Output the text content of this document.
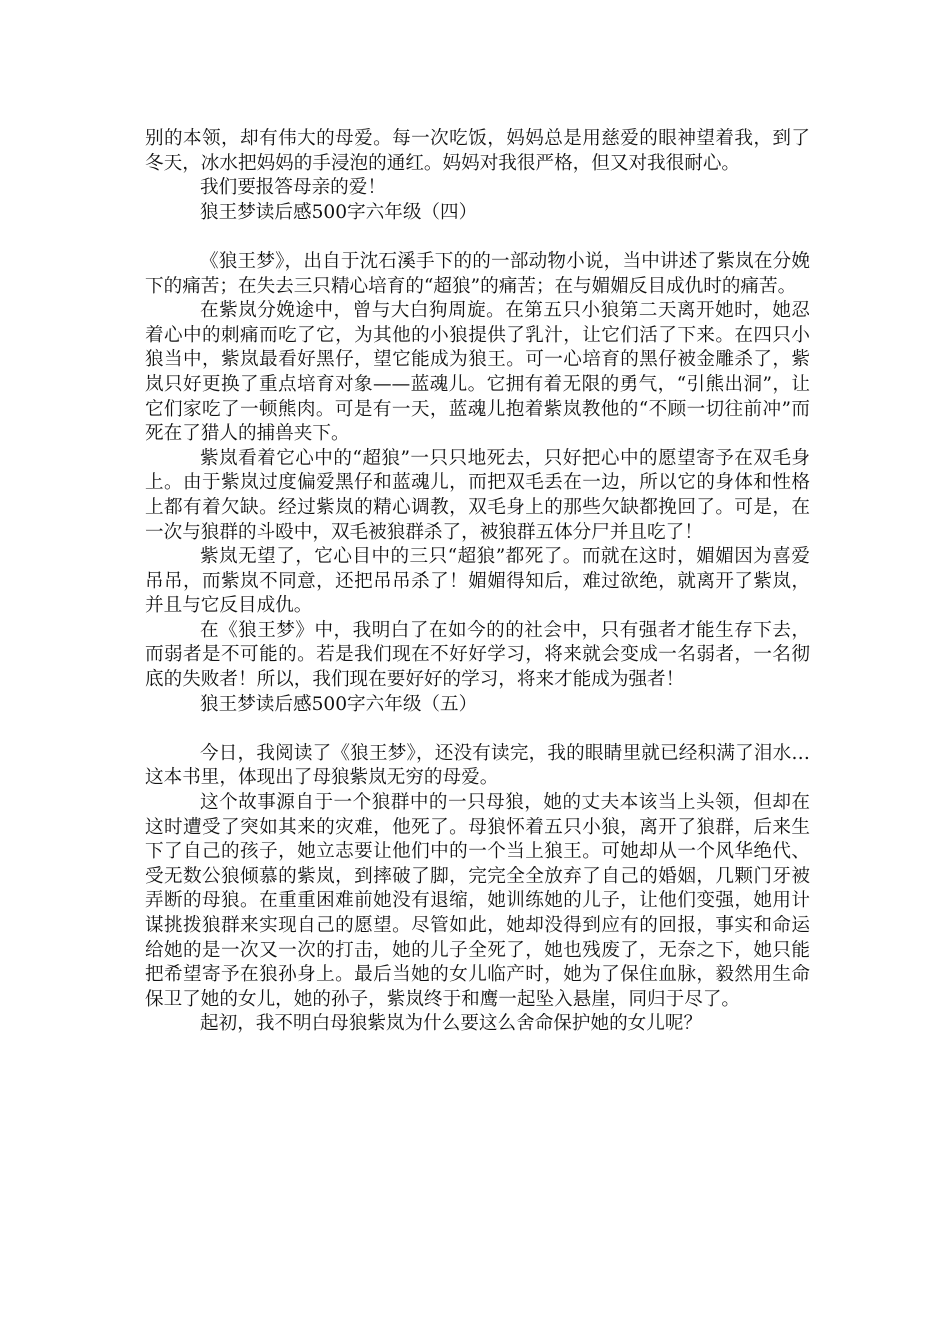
别的本领，却有伟大的母爱。每一次吃饭，妈妈总是用慈爱的眼神望着我，到了冬天，冰水把妈妈的手浸泡的通红。妈妈对我很严格，但又对我很耐心。

我们要报答母亲的爱！

狼王梦读后感500字六年级（四）

《狼王梦》，出自于沈石溪手下的的一部动物小说，当中讲述了紫岚在分娩下的痛苦；在失去三只精心培育的“超狼”的痛苦；在与媚媚反目成仇时的痛苦。

在紫岚分娩途中，曾与大白狗周旋。在第五只小狼第二天离开她时，她忍着心中的刺痛而吃了它，为其他的小狼提供了乳汁，让它们活了下来。在四只小狼当中，紫岚最看好黑仔，望它能成为狼王。可一心培育的黑仔被金雕杀了，紫岚只好更换了重点培育对象——蓝魂儿。它拥有着无限的勇气，“引熊出洞”，让它们家吃了一顿熊肉。可是有一天，蓝魂儿抱着紫岚教他的“不顾一切往前冲”而死在了猎人的捕兽夹下。

紫岚看着它心中的“超狼”一只只地死去，只好把心中的愿望寄予在双毛身上。由于紫岚过度偏爱黑仔和蓝魂儿，而把双毛丢在一边，所以它的身体和性格上都有着欠缺。经过紫岚的精心调教，双毛身上的那些欠缺都挽回了。可是，在一次与狼群的斗殴中，双毛被狼群杀了，被狼群五体分尸并且吃了！

紫岚无望了，它心目中的三只“超狼”都死了。而就在这时，媚媚因为喜爱吊吊，而紫岚不同意，还把吊吊杀了！媚媚得知后，难过欲绝，就离开了紫岚，并且与它反目成仇。

在《狼王梦》中，我明白了在如今的的社会中，只有强者才能生存下去，而弱者是不可能的。若是我们现在不好好学习，将来就会变成一名弱者，一名彻底的失败者！所以，我们现在要好好的学习，将来才能成为强者！

狼王梦读后感500字六年级（五）

今日，我阅读了《狼王梦》，还没有读完，我的眼睛里就已经积满了泪水…这本书里，体现出了母狼紫岚无穷的母爱。

这个故事源自于一个狼群中的一只母狼，她的丈夫本该当上头领，但却在这时遭受了突如其来的灾难，他死了。母狼怀着五只小狼，离开了狼群，后来生下了自己的孩子，她立志要让他们中的一个当上狼王。可她却从一个风华绝代、受无数公狼倾慕的紫岚，到摔破了脚，完完全全放弃了自己的婚姻，几颗门牙被弄断的母狼。在重重困难前她没有退缩，她训练她的儿子，让他们变强，她用计谋挑拨狼群来实现自己的愿望。尽管如此，她却没得到应有的回报，事实和命运给她的是一次又一次的打击，她的儿子全死了，她也残废了，无奈之下，她只能把希望寄予在狼孙身上。最后当她的女儿临产时，她为了保住血脉，毅然用生命保卫了她的女儿，她的孙子，紫岚终于和鹰一起坠入悬崖，同归于尽了。

起初，我不明白母狼紫岚为什么要这么舍命保护她的女儿呢？
